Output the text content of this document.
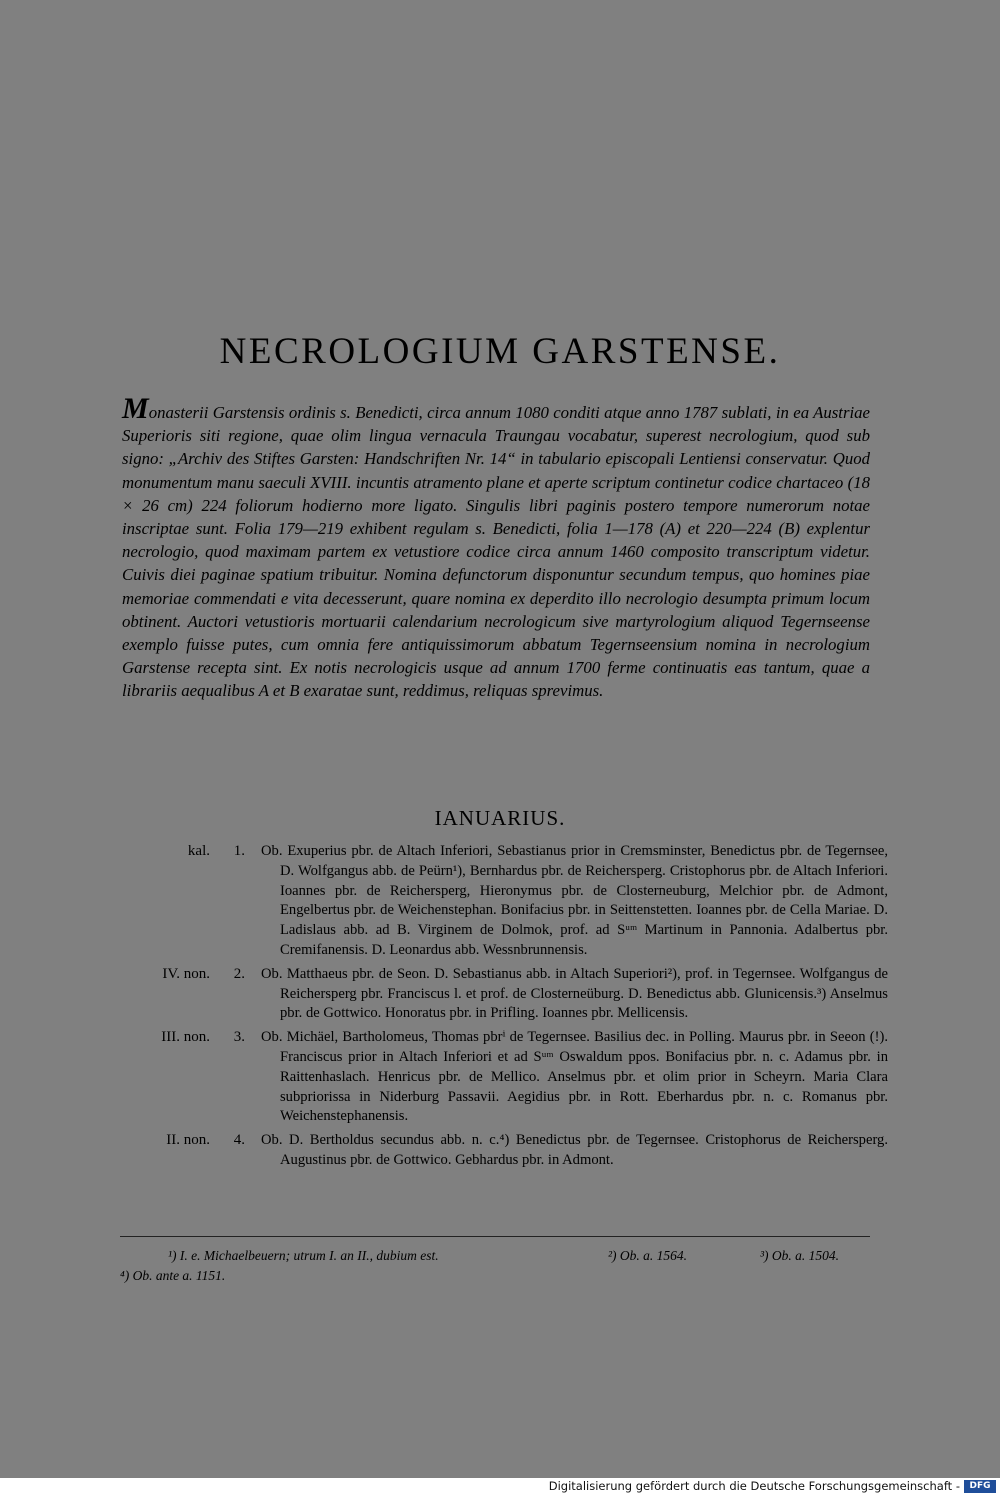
NECROLOGIUM GARSTENSE.

Monasterii Garstensis ordinis s. Benedicti, circa annum 1080 conditi atque anno 1787 sublati, in ea Austriae Superioris siti regione, quae olim lingua vernacula Traungau vocabatur, superest necrologium, quod sub signo: „Archiv des Stiftes Garsten: Handschriften Nr. 14“ in tabulario episcopali Lentiensi conservatur. Quod monumentum manu saeculi XVIII. incuntis atramento plane et aperte scriptum continetur codice chartaceo (18 × 26 cm) 224 foliorum hodierno more ligato. Singulis libri paginis postero tempore numerorum notae inscriptae sunt. Folia 179—219 exhibent regulam s. Benedicti, folia 1—178 (A) et 220—224 (B) explentur necrologio, quod maximam partem ex vetustiore codice circa annum 1460 composito transcriptum videtur. Cuivis diei paginae spatium tribuitur. Nomina defunctorum disponuntur secundum tempus, quo homines piae memoriae commendati e vita decesserunt, quare nomina ex deperdito illo necrologio desumpta primum locum obtinent. Auctori vetustioris mortuarii calendarium necrologicum sive martyrologium aliquod Tegernseense exemplo fuisse putes, cum omnia fere antiquissimorum abbatum Tegernseensium nomina in necrologium Garstense recepta sint. Ex notis necrologicis usque ad annum 1700 ferme continuatis eas tantum, quae a librariis aequalibus A et B exaratae sunt, reddimus, reliquas sprevimus.

IANUARIUS.
kal.	1. Ob. Exuperius pbr. de Altach Inferiori, Sebastianus prior in Cremsminster, Benedictus pbr. de Tegernsee, D. Wolfgangus abb. de Peürn¹), Bernhardus pbr. de Reichersperg. Cristophorus pbr. de Altach Inferiori. Ioannes pbr. de Reichersperg, Hieronymus pbr. de Closterneuburg, Melchior pbr. de Admont, Engelbertus pbr. de Weichenstephan. Bonifacius pbr. in Seittenstetten. Ioannes pbr. de Cella Mariae. D. Ladislaus abb. ad B. Virginem de Dolmok, prof. ad Sᵘᵐ Martinum in Pannonia. Adalbertus pbr. Cremifanensis. D. Leonardus abb. Wessnbrunnensis.
IV. non.	2. Ob. Matthaeus pbr. de Seon. D. Sebastianus abb. in Altach Superiori²), prof. in Tegernsee. Wolfgangus de Reichersperg pbr. Franciscus l. et prof. de Closterneüburg. D. Benedictus abb. Glunicensis.³) Anselmus pbr. de Gottwico. Honoratus pbr. in Prifling. Ioannes pbr. Mellicensis.
III. non.	3. Ob. Michäel, Bartholomeus, Thomas pbrⁱ de Tegernsee. Basilius dec. in Polling. Maurus pbr. in Seeon (!). Franciscus prior in Altach Inferiori et ad Sᵘᵐ Oswaldum ppos. Bonifacius pbr. n. c. Adamus pbr. in Raittenhaslach. Henricus pbr. de Mellico. Anselmus pbr. et olim prior in Scheyrn. Maria Clara subpriorissa in Niderburg Passavii. Aegidius pbr. in Rott. Eberhardus pbr. n. c. Romanus pbr. Weichenstephanensis.
II. non.	4. Ob. D. Bertholdus secundus abb. n. c.⁴) Benedictus pbr. de Tegernsee. Cristophorus de Reichersperg. Augustinus pbr. de Gottwico. Gebhardus pbr. in Admont.
¹) I. e. Michaelbeuern; utrum I. an II., dubium est.	²) Ob. a. 1564.	³) Ob. a. 1504.
⁴) Ob. ante a. 1151.
Digitalisierung gefördert durch die Deutsche Forschungsgemeinschaft -	DFG
